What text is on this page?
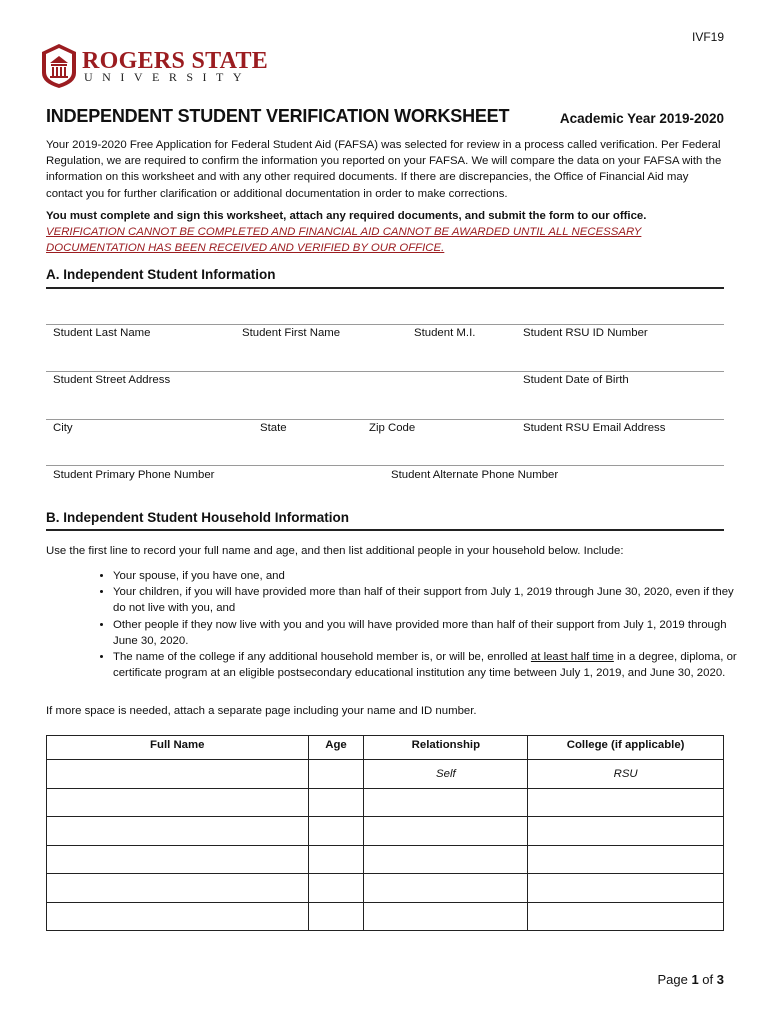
IVF19
ROGERS STATE
UNIVERSITY
INDEPENDENT STUDENT VERIFICATION WORKSHEET	Academic Year 2019-2020
Your 2019-2020 Free Application for Federal Student Aid (FAFSA) was selected for review in a process called verification. Per Federal Regulation, we are required to confirm the information you reported on your FAFSA. We will compare the data on your FAFSA with the information on this worksheet and with any other required documents. If there are discrepancies, the Office of Financial Aid may contact you for further clarification or additional documentation in order to make corrections.
You must complete and sign this worksheet, attach any required documents, and submit the form to our office. VERIFICATION CANNOT BE COMPLETED AND FINANCIAL AID CANNOT BE AWARDED UNTIL ALL NECESSARY DOCUMENTATION HAS BEEN RECEIVED AND VERIFIED BY OUR OFFICE.
A. Independent Student Information
Student Last Name	Student First Name	Student M.I.	Student RSU ID Number
Student Street Address	Student Date of Birth
City	State	Zip Code	Student RSU Email Address
Student Primary Phone Number	Student Alternate Phone Number
B. Independent Student Household Information
Use the first line to record your full name and age, and then list additional people in your household below. Include:
• Your spouse, if you have one, and
• Your children, if you will have provided more than half of their support from July 1, 2019 through June 30, 2020, even if they do not live with you, and
• Other people if they now live with you and you will have provided more than half of their support from July 1, 2019 through June 30, 2020.
• The name of the college if any additional household member is, or will be, enrolled at least half time in a degree, diploma, or certificate program at an eligible postsecondary educational institution any time between July 1, 2019, and June 30, 2020.
If more space is needed, attach a separate page including your name and ID number.
Full Name	Age	Relationship	College (if applicable)
		Self	RSU

Page 1 of 3
